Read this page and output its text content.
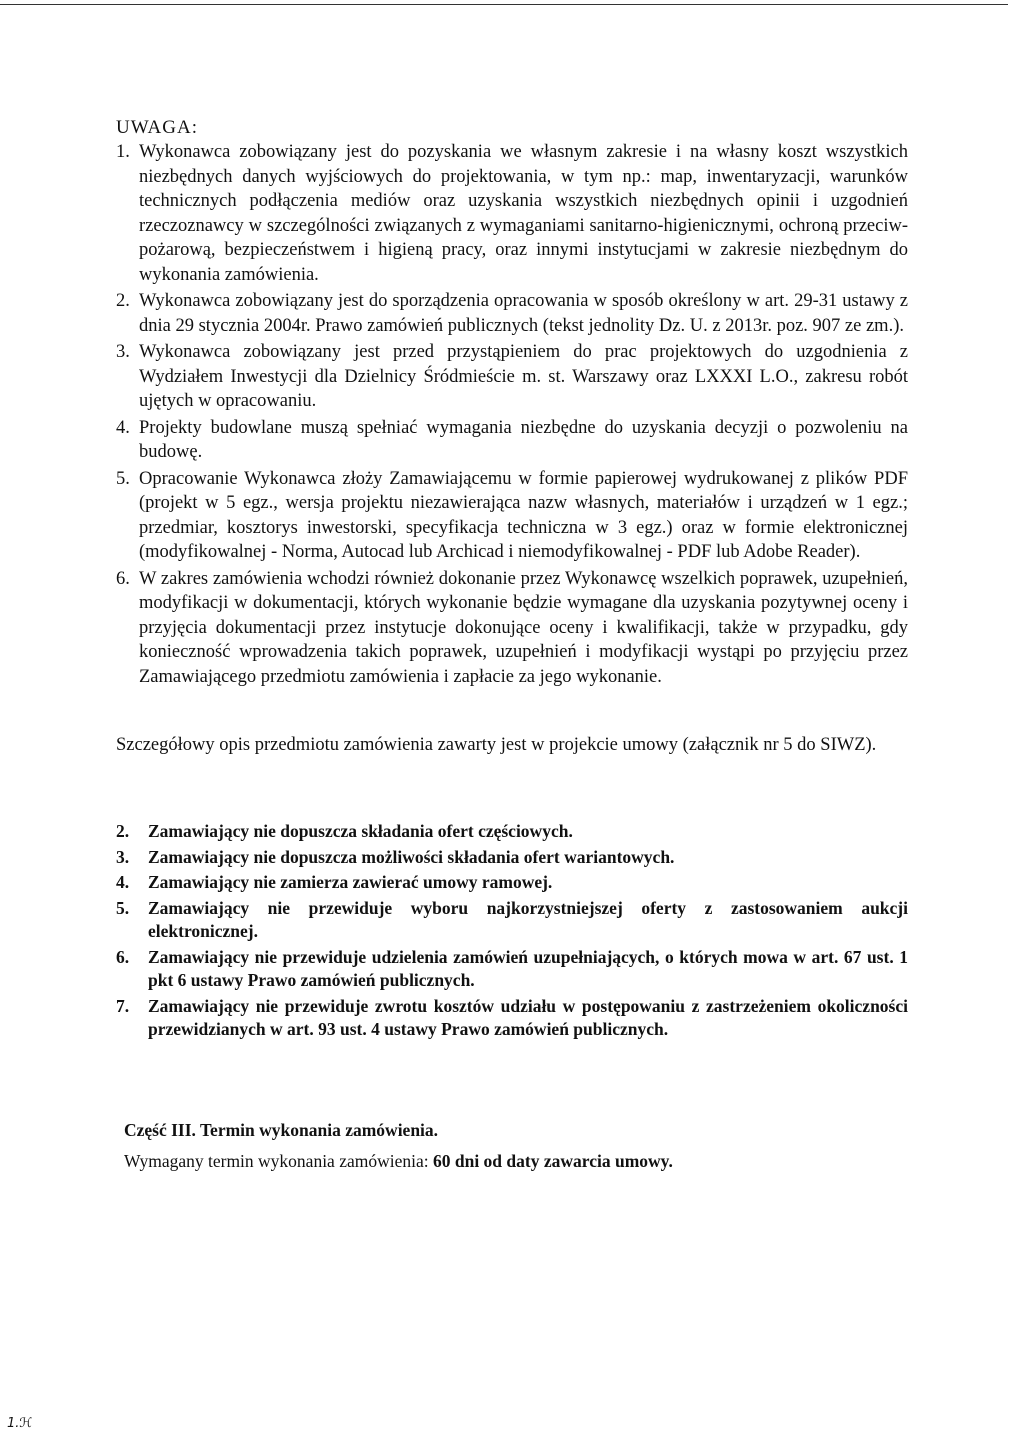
UWAGA:

1. Wykonawca zobowiązany jest do pozyskania we własnym zakresie i na własny koszt wszystkich niezbędnych danych wyjściowych do projektowania, w tym np.: map, inwentaryzacji, warunków technicznych podłączenia mediów oraz uzyskania wszystkich niezbędnych opinii i uzgodnień rzeczoznawcy w szczególności związanych z wymaganiami sanitarno-higienicznymi, ochroną przeciw-pożarową, bezpieczeństwem i higieną pracy, oraz innymi instytucjami w zakresie niezbędnym do wykonania zamówienia.
2. Wykonawca zobowiązany jest do sporządzenia opracowania w sposób określony w art. 29-31 ustawy z dnia 29 stycznia 2004r. Prawo zamówień publicznych (tekst jednolity Dz. U. z 2013r. poz. 907 ze zm.).
3. Wykonawca zobowiązany jest przed przystąpieniem do prac projektowych do uzgodnienia z Wydziałem Inwestycji dla Dzielnicy Śródmieście m. st. Warszawy oraz LXXXI L.O., zakresu robót ujętych w opracowaniu.
4. Projekty budowlane muszą spełniać wymagania niezbędne do uzyskania decyzji o pozwoleniu na budowę.
5. Opracowanie Wykonawca złoży Zamawiającemu w formie papierowej wydrukowanej z plików PDF (projekt w 5 egz., wersja projektu niezawierająca nazw własnych, materiałów i urządzeń w 1 egz.; przedmiar, kosztorys inwestorski, specyfikacja techniczna w 3 egz.) oraz w formie elektronicznej (modyfikowalnej - Norma, Autocad lub Archicad i niemodyfikowalnej - PDF lub Adobe Reader).
6. W zakres zamówienia wchodzi również dokonanie przez Wykonawcę wszelkich poprawek, uzupełnień, modyfikacji w dokumentacji, których wykonanie będzie wymagane dla uzyskania pozytywnej oceny i przyjęcia dokumentacji przez instytucje dokonujące oceny i kwalifikacji, także w przypadku, gdy konieczność wprowadzenia takich poprawek, uzupełnień i modyfikacji wystąpi po przyjęciu przez Zamawiającego przedmiotu zamówienia i zapłacie za jego wykonanie.

Szczegółowy opis przedmiotu zamówienia zawarty jest w projekcie umowy (załącznik nr 5 do SIWZ).

2. Zamawiający nie dopuszcza składania ofert częściowych.
3. Zamawiający nie dopuszcza możliwości składania ofert wariantowych.
4. Zamawiający nie zamierza zawierać umowy ramowej.
5. Zamawiający nie przewiduje wyboru najkorzystniejszej oferty z zastosowaniem aukcji elektronicznej.
6. Zamawiający nie przewiduje udzielenia zamówień uzupełniających, o których mowa w art. 67 ust. 1 pkt 6 ustawy Prawo zamówień publicznych.
7. Zamawiający nie przewiduje zwrotu kosztów udziału w postępowaniu z zastrzeżeniem okoliczności przewidzianych w art. 93 ust. 4 ustawy Prawo zamówień publicznych.

Część III. Termin wykonania zamówienia.

Wymagany termin wykonania zamówienia: 60 dni od daty zawarcia umowy.

1.ℋ
